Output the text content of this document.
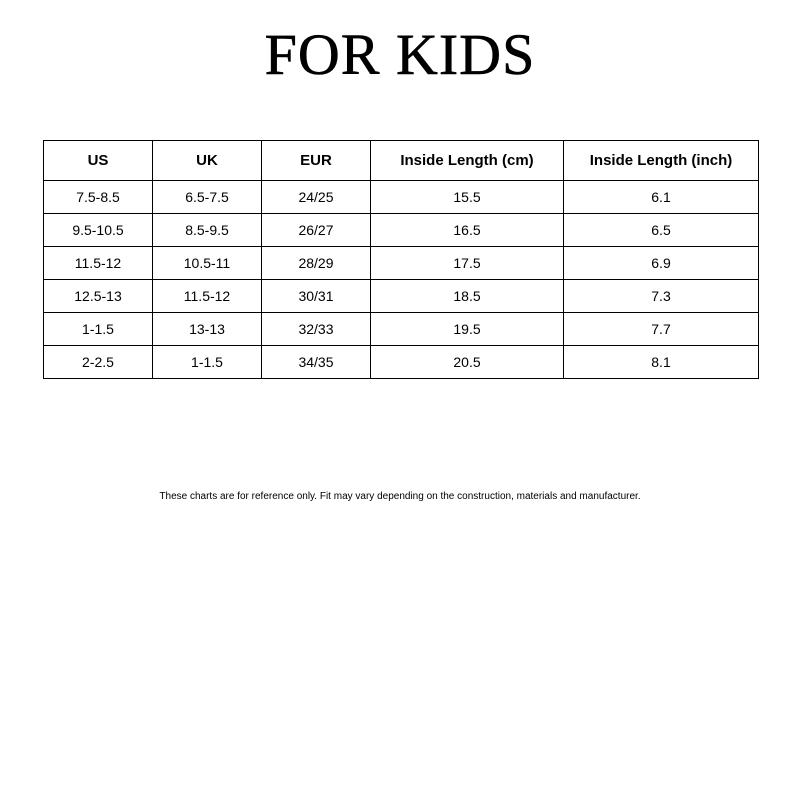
FOR KIDS
US	UK	EUR	Inside Length (cm)	Inside Length (inch)
7.5-8.5	6.5-7.5	24/25	15.5	6.1
9.5-10.5	8.5-9.5	26/27	16.5	6.5
11.5-12	10.5-11	28/29	17.5	6.9
12.5-13	11.5-12	30/31	18.5	7.3
1-1.5	13-13	32/33	19.5	7.7
2-2.5	1-1.5	34/35	20.5	8.1

These charts are for reference only. Fit may vary depending on the construction, materials and manufacturer.
